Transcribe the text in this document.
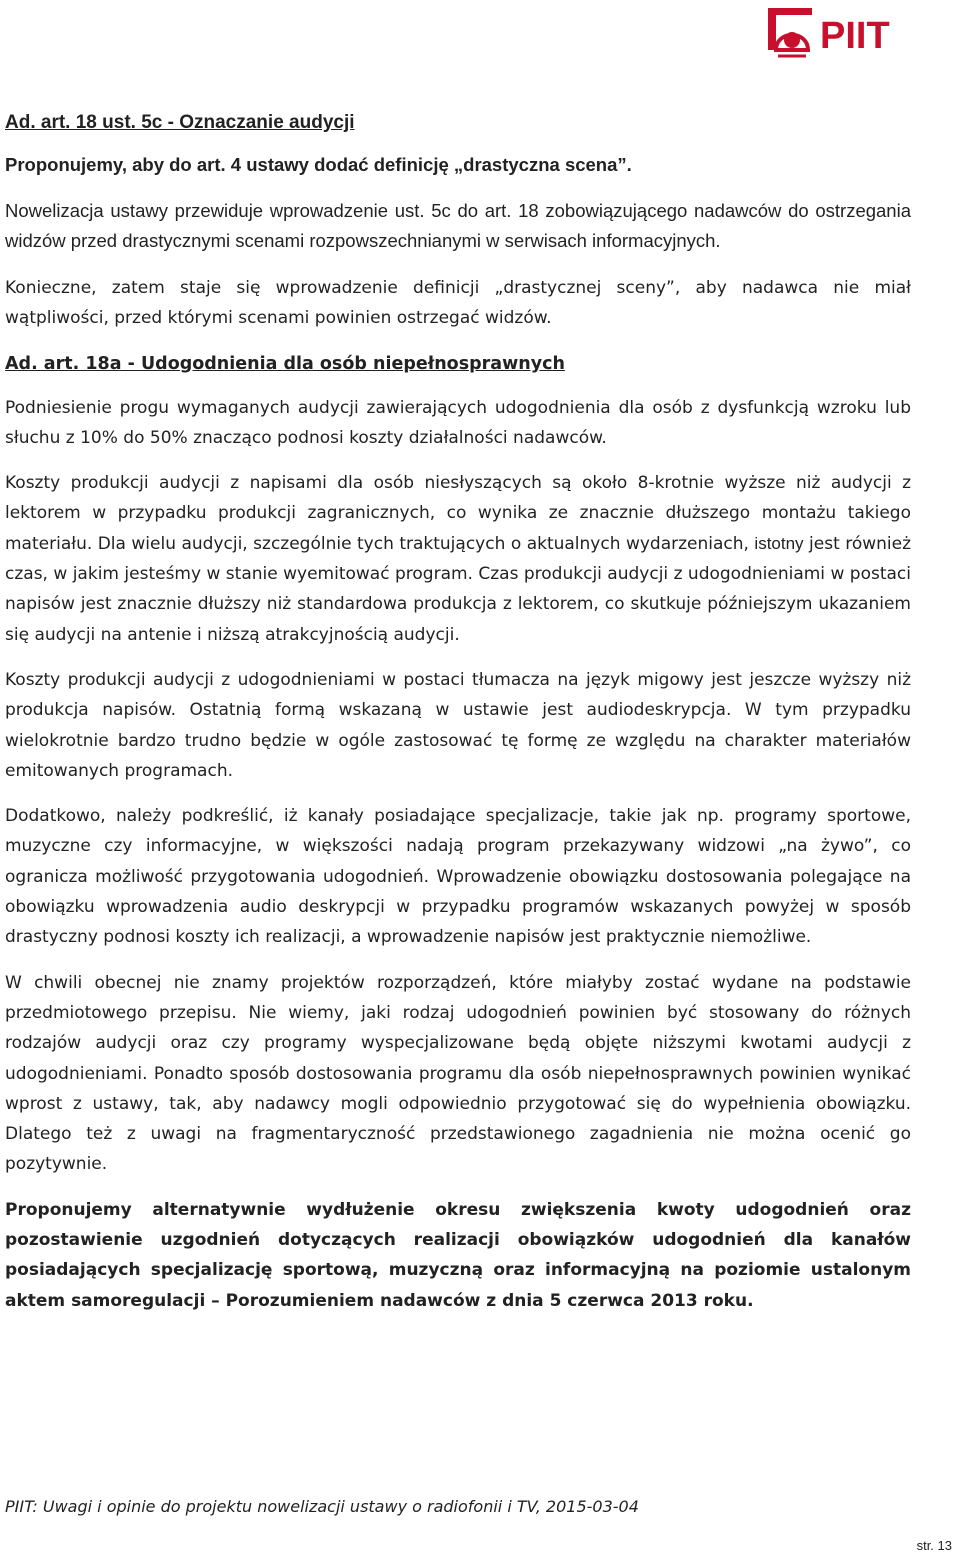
PIIT
Ad. art. 18 ust. 5c - Oznaczanie audycji
Proponujemy, aby do art. 4 ustawy dodać definicję „drastyczna scena”.

Nowelizacja ustawy przewiduje wprowadzenie ust. 5c do art. 18 zobowiązującego nadawców do ostrzegania widzów przed drastycznymi scenami rozpowszechnianymi w serwisach informacyjnych.

Konieczne, zatem staje się wprowadzenie definicji „drastycznej sceny”, aby nadawca nie miał wątpliwości, przed którymi scenami powinien ostrzegać widzów.

Ad. art. 18a - Udogodnienia dla osób niepełnosprawnych

Podniesienie progu wymaganych audycji zawierających udogodnienia dla osób z dysfunkcją wzroku lub słuchu z 10% do 50% znacząco podnosi koszty działalności nadawców.

Koszty produkcji audycji z napisami dla osób niesłyszących są około 8-krotnie wyższe niż audycji z lektorem w przypadku produkcji zagranicznych, co wynika ze znacznie dłuższego montażu takiego materiału. Dla wielu audycji, szczególnie tych traktujących o aktualnych wydarzeniach, istotny jest również czas, w jakim jesteśmy w stanie wyemitować program. Czas produkcji audycji z udogodnieniami w postaci napisów jest znacznie dłuższy niż standardowa produkcja z lektorem, co skutkuje późniejszym ukazaniem się audycji na antenie i niższą atrakcyjnością audycji.

Koszty produkcji audycji z udogodnieniami w postaci tłumacza na język migowy jest jeszcze wyższy niż produkcja napisów. Ostatnią formą wskazaną w ustawie jest audiodeskrypcja. W tym przypadku wielokrotnie bardzo trudno będzie w ogóle zastosować tę formę ze względu na charakter materiałów emitowanych programach.

Dodatkowo, należy podkreślić, iż kanały posiadające specjalizacje, takie jak np. programy sportowe, muzyczne czy informacyjne, w większości nadają program przekazywany widzowi „na żywo”, co ogranicza możliwość przygotowania udogodnień. Wprowadzenie obowiązku dostosowania polegające na obowiązku wprowadzenia audio deskrypcji w przypadku programów wskazanych powyżej w sposób drastyczny podnosi koszty ich realizacji, a wprowadzenie napisów jest praktycznie niemożliwe.

W chwili obecnej nie znamy projektów rozporządzeń, które miałyby zostać wydane na podstawie przedmiotowego przepisu. Nie wiemy, jaki rodzaj udogodnień powinien być stosowany do różnych rodzajów audycji oraz czy programy wyspecjalizowane będą objęte niższymi kwotami audycji z udogodnieniami. Ponadto sposób dostosowania programu dla osób niepełnosprawnych powinien wynikać wprost z ustawy, tak, aby nadawcy mogli odpowiednio przygotować się do wypełnienia obowiązku. Dlatego też z uwagi na fragmentaryczność przedstawionego zagadnienia nie można ocenić go pozytywnie.

Proponujemy alternatywnie wydłużenie okresu zwiększenia kwoty udogodnień oraz pozostawienie uzgodnień dotyczących realizacji obowiązków udogodnień dla kanałów posiadających specjalizację sportową, muzyczną oraz informacyjną na poziomie ustalonym aktem samoregulacji – Porozumieniem nadawców z dnia 5 czerwca 2013 roku.

PIIT: Uwagi i opinie do projektu nowelizacji ustawy o radiofonii i TV, 2015-03-04
str. 13
